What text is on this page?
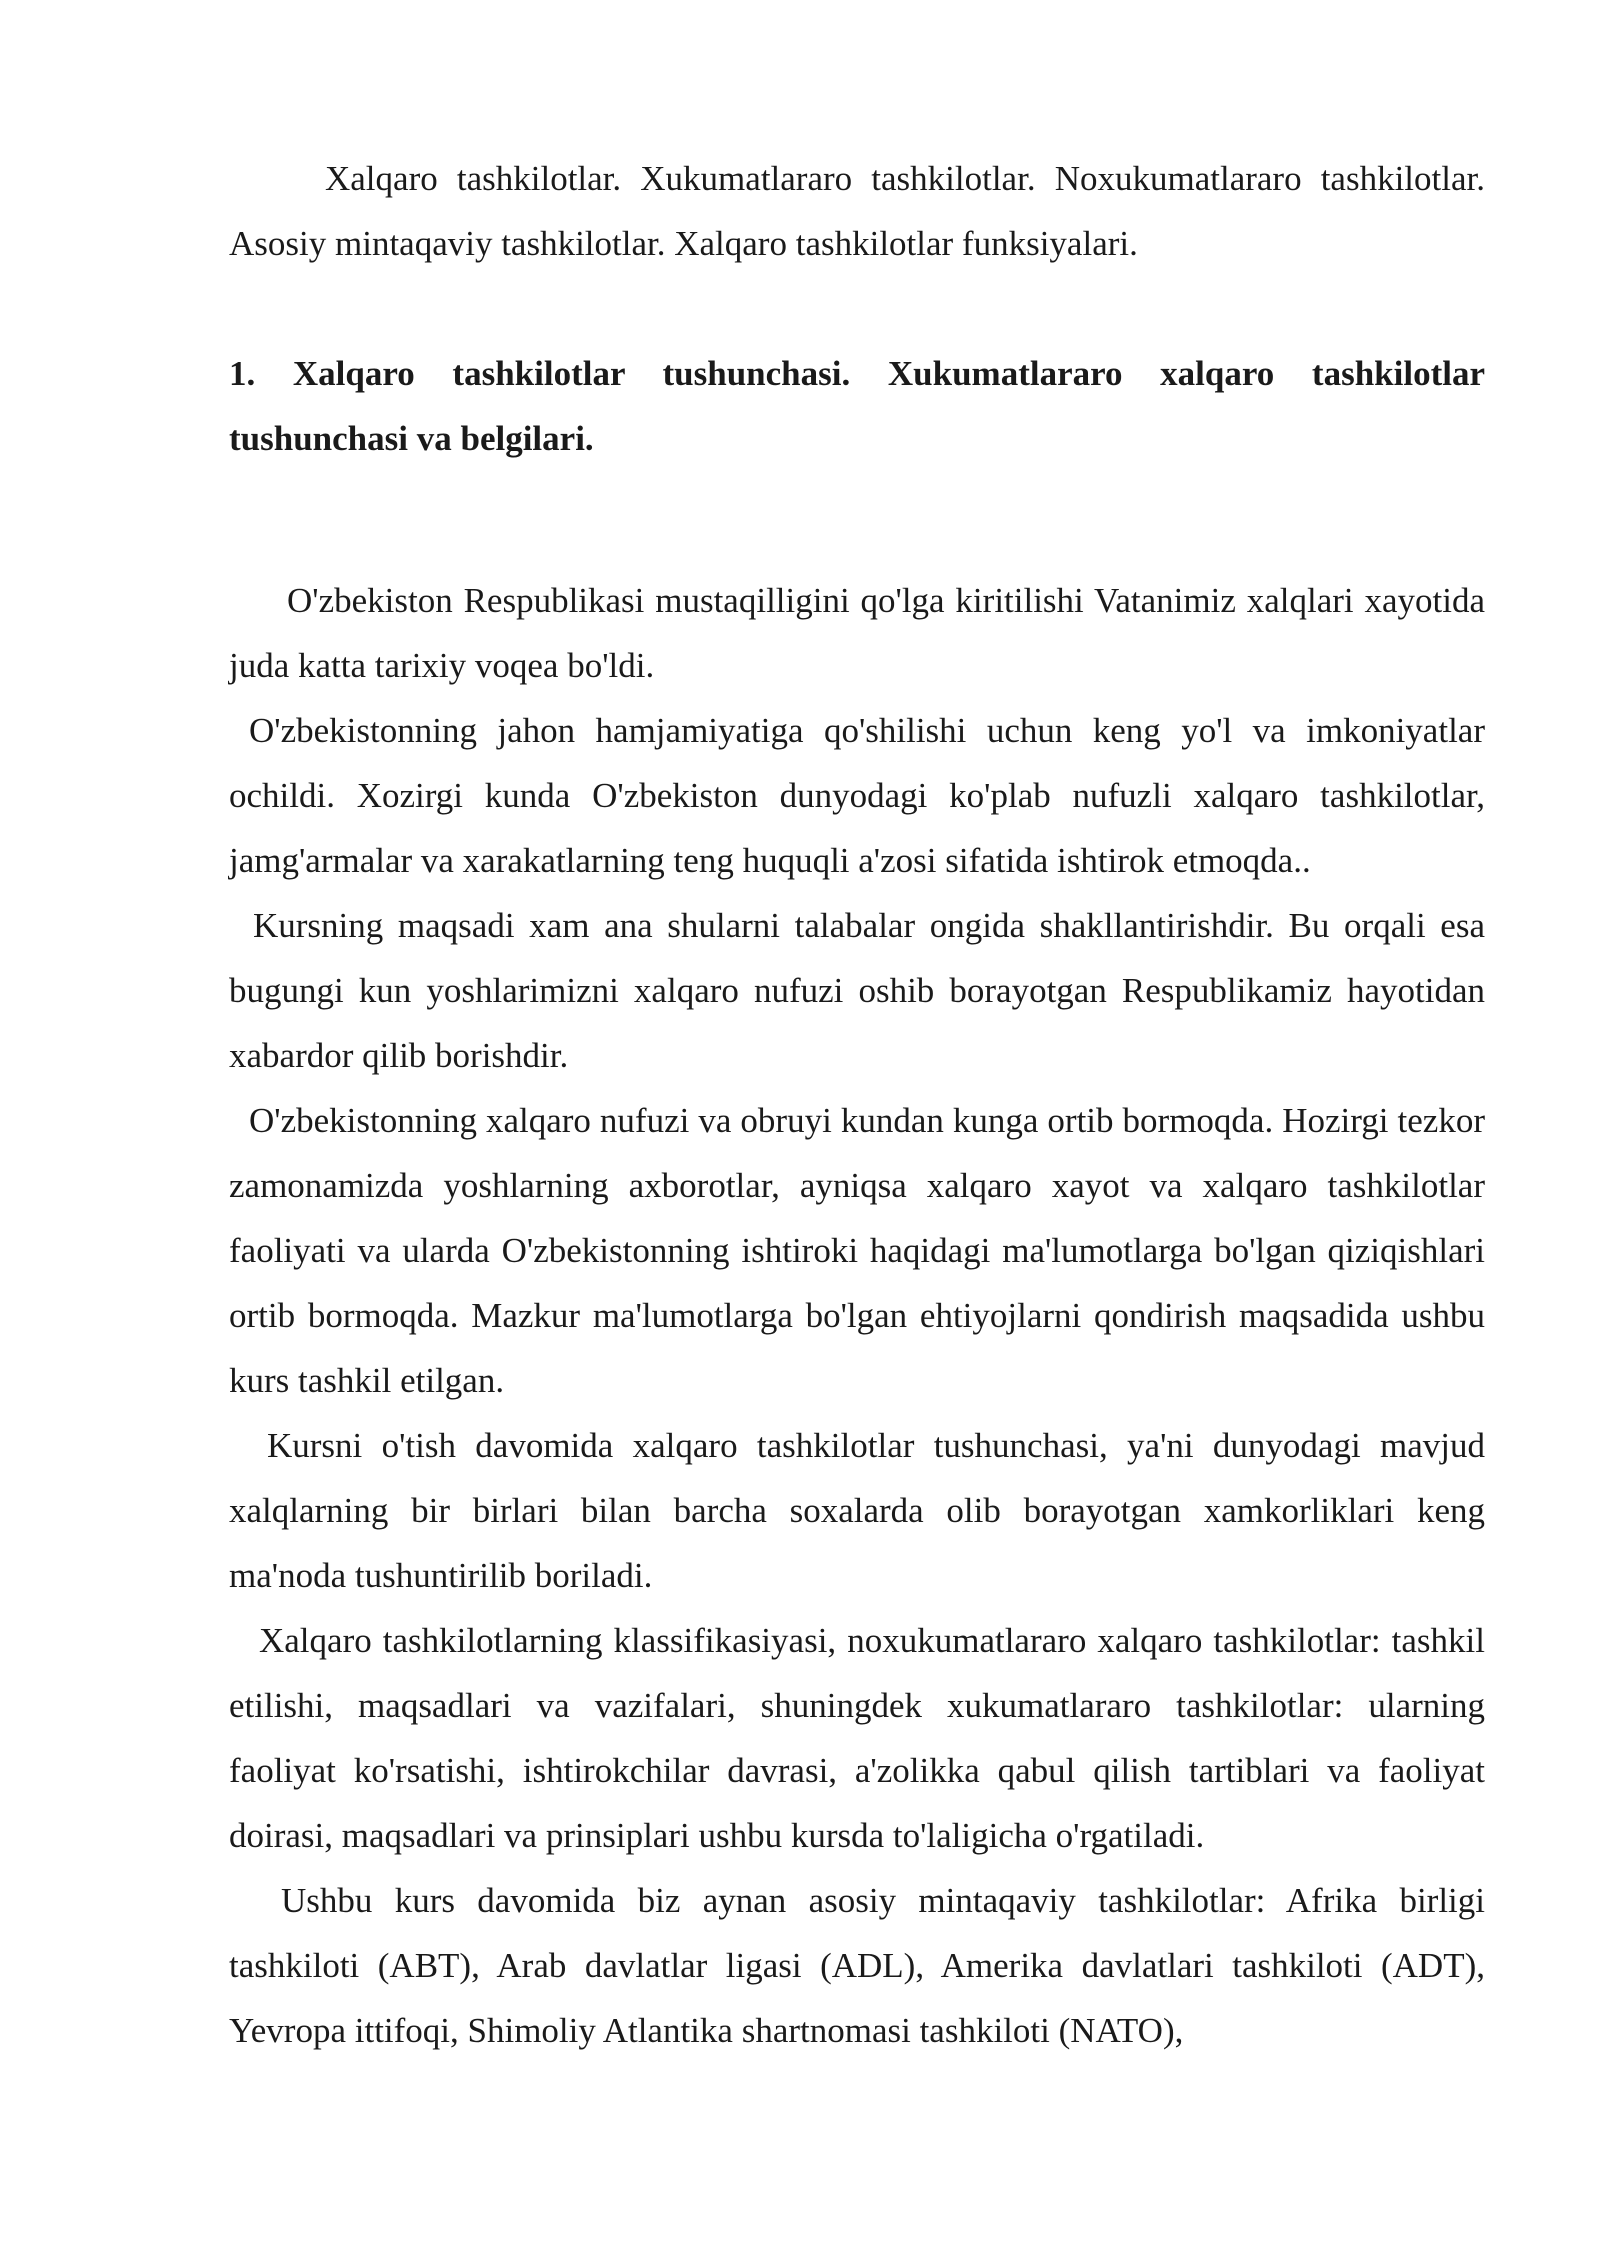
Xalqaro tashkilotlar. Xukumatlararo tashkilotlar. Noxukumatlararo tashkilotlar. Asosiy mintaqaviy tashkilotlar. Xalqaro tashkilotlar funksiyalari.

1. Xalqaro tashkilotlar tushunchasi. Xukumatlararo xalqaro tashkilotlar tushunchasi va belgilari.

O'zbekiston Respublikasi mustaqilligini qo'lga kiritilishi Vatanimiz xalqlari xayotida juda katta tarixiy voqea bo'ldi.

O'zbekistonning jahon hamjamiyatiga qo'shilishi uchun keng yo'l va imkoniyatlar ochildi. Xozirgi kunda O'zbekiston dunyodagi ko'plab nufuzli xalqaro tashkilotlar, jamg'armalar va xarakatlarning teng huquqli a'zosi sifatida ishtirok etmoqda..

Kursning maqsadi xam ana shularni talabalar ongida shakllantirishdir. Bu orqali esa bugungi kun yoshlarimizni xalqaro nufuzi oshib borayotgan Respublikamiz hayotidan xabardor qilib borishdir.

O'zbekistonning xalqaro nufuzi va obruyi kundan kunga ortib bormoqda. Hozirgi tezkor zamonamizda yoshlarning axborotlar, ayniqsa xalqaro xayot va xalqaro tashkilotlar faoliyati va ularda O'zbekistonning ishtiroki haqidagi ma'lumotlarga bo'lgan qiziqishlari ortib bormoqda. Mazkur ma'lumotlarga bo'lgan ehtiyojlarni qondirish maqsadida ushbu kurs tashkil etilgan.

Kursni o'tish davomida xalqaro tashkilotlar tushunchasi, ya'ni dunyodagi mavjud xalqlarning bir birlari bilan barcha soxalarda olib borayotgan xamkorliklari keng ma'noda tushuntirilib boriladi.

Xalqaro tashkilotlarning klassifikasiyasi, noxukumatlararo xalqaro tashkilotlar: tashkil etilishi, maqsadlari va vazifalari, shuningdek xukumatlararo tashkilotlar: ularning faoliyat ko'rsatishi, ishtirokchilar davrasi, a'zolikka qabul qilish tartiblari va faoliyat doirasi, maqsadlari va prinsiplari ushbu kursda to'laligicha o'rgatiladi.

Ushbu kurs davomida biz aynan asosiy mintaqaviy tashkilotlar: Afrika birligi tashkiloti (ABT), Arab davlatlar ligasi (ADL), Amerika davlatlari tashkiloti (ADT), Yevropa ittifoqi, Shimoliy Atlantika shartnomasi tashkiloti (NATO),
